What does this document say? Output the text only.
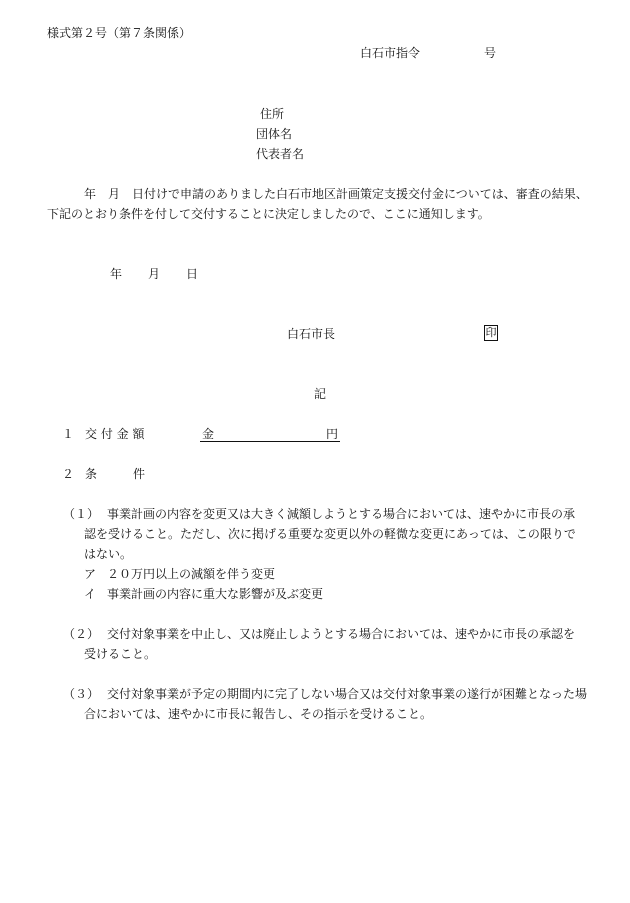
様式第２号（第７条関係）
白石市指令	号
住所
団体名
代表者名
年　月　日付けで申請のありました白石市地区計画策定支援交付金については、審査の結果、
下記のとおり条件を付して交付することに決定しましたので、ここに通知します。
年 月 日
白石市長	印
記
１ 交 付 金 額	金	円
２ 条　　　件
（１） 事業計画の内容を変更又は大きく減額しようとする場合においては、速やかに市長の承
認を受けること。ただし、次に掲げる重要な変更以外の軽微な変更にあっては、この限りで
はない。
ア ２０万円以上の減額を伴う変更
イ 事業計画の内容に重大な影響が及ぶ変更
（２） 交付対象事業を中止し、又は廃止しようとする場合においては、速やかに市長の承認を
受けること。
（３） 交付対象事業が予定の期間内に完了しない場合又は交付対象事業の遂行が困難となった場
合においては、速やかに市長に報告し、その指示を受けること。
